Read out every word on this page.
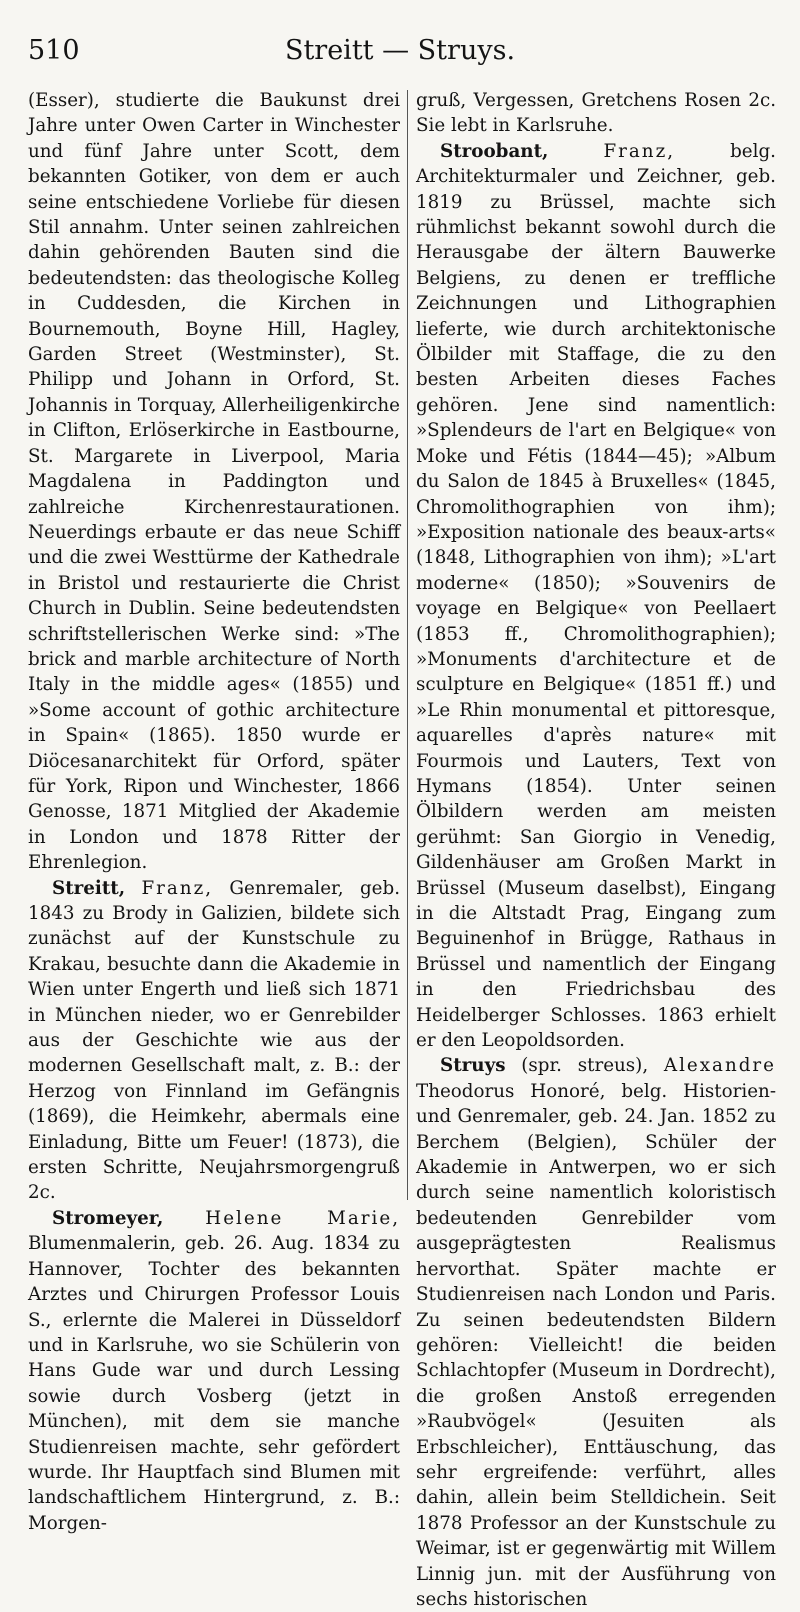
510	Streitt — Struys.

(Esser), studierte die Baukunst drei Jahre unter Owen Carter in Winchester und fünf Jahre unter Scott, dem bekannten Gotiker, von dem er auch seine entschiedene Vorliebe für diesen Stil annahm. Unter seinen zahlreichen dahin gehörenden Bauten sind die bedeutendsten: das theologische Kolleg in Cuddesden, die Kirchen in Bournemouth, Boyne Hill, Hagley, Garden Street (Westminster), St. Philipp und Johann in Orford, St. Johannis in Torquay, Allerheiligenkirche in Clifton, Erlöserkirche in Eastbourne, St. Margarete in Liverpool, Maria Magdalena in Paddington und zahlreiche Kirchenrestaurationen. Neuerdings erbaute er das neue Schiff und die zwei Westtürme der Kathedrale in Bristol und restaurierte die Christ Church in Dublin. Seine bedeutendsten schriftstellerischen Werke sind: »The brick and marble architecture of North Italy in the middle ages« (1855) und »Some account of gothic architecture in Spain« (1865). 1850 wurde er Diöcesanarchitekt für Orford, später für York, Ripon und Winchester, 1866 Genosse, 1871 Mitglied der Akademie in London und 1878 Ritter der Ehrenlegion.

Streitt, Franz, Genremaler, geb. 1843 zu Brody in Galizien, bildete sich zunächst auf der Kunstschule zu Krakau, besuchte dann die Akademie in Wien unter Engerth und ließ sich 1871 in München nieder, wo er Genrebilder aus der Geschichte wie aus der modernen Gesellschaft malt, z. B.: der Herzog von Finnland im Gefängnis (1869), die Heimkehr, abermals eine Einladung, Bitte um Feuer! (1873), die ersten Schritte, Neujahrsmorgengruß 2c.

Stromeyer, Helene Marie, Blumenmalerin, geb. 26. Aug. 1834 zu Hannover, Tochter des bekannten Arztes und Chirurgen Professor Louis S., erlernte die Malerei in Düsseldorf und in Karlsruhe, wo sie Schülerin von Hans Gude war und durch Lessing sowie durch Vosberg (jetzt in München), mit dem sie manche Studienreisen machte, sehr gefördert wurde. Ihr Hauptfach sind Blumen mit landschaftlichem Hintergrund, z. B.: Morgen-

gruß, Vergessen, Gretchens Rosen 2c. Sie lebt in Karlsruhe.

Stroobant,	Franz,	belg. Architekturmaler und Zeichner, geb. 1819 zu Brüssel, machte sich rühmlichst bekannt sowohl durch die Herausgabe der ältern Bauwerke Belgiens, zu denen er treffliche Zeichnungen und Lithographien lieferte, wie durch architektonische Ölbilder mit Staffage, die zu den besten Arbeiten dieses Faches gehören. Jene sind namentlich: »Splendeurs de l'art en Belgique« von Moke und Fétis (1844—45); »Album du Salon de 1845 à Bruxelles« (1845, Chromolithographien von ihm); »Exposition nationale des beaux-arts« (1848, Lithographien von ihm); »L'art moderne« (1850); »Souvenirs de voyage en Belgique« von Peellaert (1853 ff., Chromolithographien); »Monuments d'architecture et de sculpture en Belgique« (1851 ff.) und »Le Rhin monumental et pittoresque, aquarelles d'après nature« mit Fourmois und Lauters, Text von Hymans (1854). Unter seinen Ölbildern werden am meisten gerühmt: San Giorgio in Venedig, Gildenhäuser am Großen Markt in Brüssel (Museum daselbst), Eingang in die Altstadt Prag, Eingang zum Beguinenhof in Brügge, Rathaus in Brüssel und namentlich der Eingang in den Friedrichsbau des Heidelberger Schlosses. 1863 erhielt er den Leopoldsorden.

Struys (spr. streus), Alexandre Theodorus Honoré, belg. Historien- und Genremaler, geb. 24. Jan. 1852 zu Berchem (Belgien), Schüler der Akademie in Antwerpen, wo er sich durch seine namentlich koloristisch bedeutenden Genrebilder vom ausgeprägtesten Realismus hervorthat. Später machte er Studienreisen nach London und Paris. Zu seinen bedeutendsten Bildern gehören: Vielleicht! die beiden Schlachtopfer (Museum in Dordrecht), die großen Anstoß erregenden »Raubvögel« (Jesuiten als Erbschleicher), Enttäuschung, das sehr ergreifende: verführt, alles dahin, allein beim Stelldichein. Seit 1878 Professor an der Kunstschule zu Weimar, ist er gegenwärtig mit Willem Linnig jun. mit der Ausführung von sechs historischen
